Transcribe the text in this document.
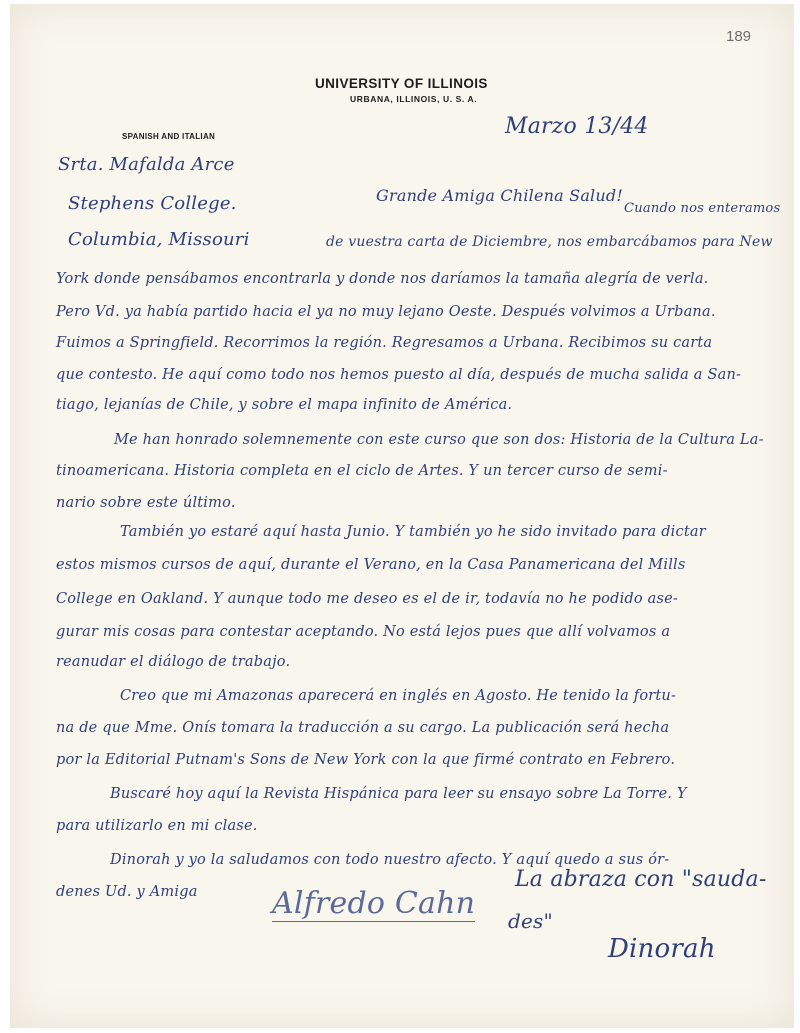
189
UNIVERSITY OF ILLINOIS
URBANA, ILLINOIS, U. S. A.
SPANISH AND ITALIAN	Marzo 13/44
Srta. Mafalda Arce
Stephens College.
Columbia, Missouri
Grande Amiga Chilena Salud!
Cuando nos enteramos
de vuestra carta de Diciembre, nos embarcábamos para New
York donde pensábamos encontrarla y donde nos daríamos la tamaña alegría de verla.
Pero Vd. ya había partido hacia el ya no muy lejano Oeste. Después volvimos a Urbana.
Fuimos a Springfield. Recorrimos la región. Regresamos a Urbana. Recibimos su carta
que contesto. He aquí como todo nos hemos puesto al día, después de mucha salida a San-
tiago, lejanías de Chile, y sobre el mapa infinito de América.
Me han honrado solemnemente con este curso que son dos: Historia de la Cultura La-
tinoamericana. Historia completa en el ciclo de Artes. Y un tercer curso de semi-
nario sobre este último.
También yo estaré aquí hasta Junio. Y también yo he sido invitado para dictar
estos mismos cursos de aquí, durante el Verano, en la Casa Panamericana del Mills
College en Oakland. Y aunque todo me deseo es el de ir, todavía no he podido ase-
gurar mis cosas para contestar aceptando. No está lejos pues que allí volvamos a
reanudar el diálogo de trabajo.
Creo que mi Amazonas aparecerá en inglés en Agosto. He tenido la fortu-
na de que Mme. Onís tomara la traducción a su cargo. La publicación será hecha
por la Editorial Putnam's Sons de New York con la que firmé contrato en Febrero.
Buscaré hoy aquí la Revista Hispánica para leer su ensayo sobre La Torre. Y
para utilizarlo en mi clase.
Dinorah y yo la saludamos con todo nuestro afecto. Y aquí quedo a sus ór-
denes Ud. y Amiga	La abraza con "sauda-
des"
Alfredo Cahn
Dinorah
